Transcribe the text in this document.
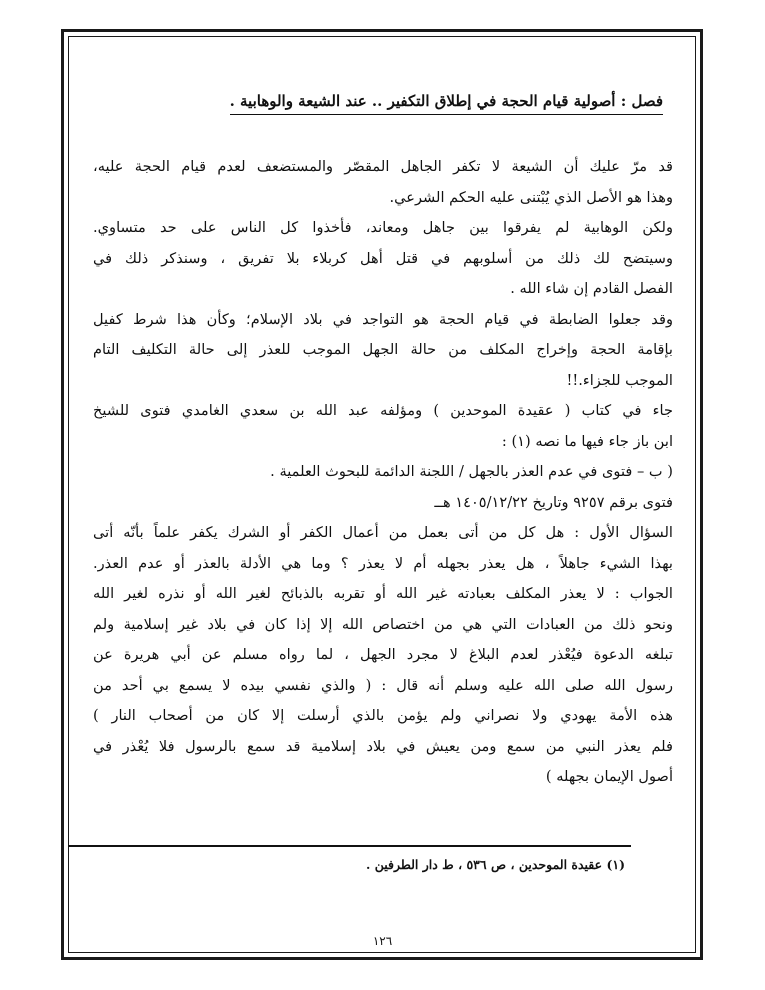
فصل : أصولية قيام الحجة في إطلاق التكفير .. عند الشيعة والوهابية .
قد مرّ عليك أن الشيعة لا تكفر الجاهل المقصّر والمستضعف لعدم قيام الحجة عليه،
وهذا هو الأصل الذي يُبْتنى عليه الحكم الشرعي.
ولكن الوهابية لم يفرقوا بين جاهل ومعاند، فأخذوا كل الناس على حد متساوي.
وسيتضح لك ذلك من أسلوبهم في قتل أهل كربلاء بلا تفريق ، وسنذكر ذلك في
الفصل القادم إن شاء الله .
وقد جعلوا الضابطة في قيام الحجة هو التواجد في بلاد الإسلام؛ وكأن هذا شرط كفيل
بإقامة الحجة وإخراج المكلف من حالة الجهل الموجب للعذر إلى حالة التكليف التام
الموجب للجزاء.!!
جاء في كتاب ( عقيدة الموحدين ) ومؤلفه عبد الله بن سعدي الغامدي فتوى للشيخ
ابن باز جاء فيها ما نصه (١) :
( ب – فتوى في عدم العذر بالجهل / اللجنة الدائمة للبحوث العلمية .
فتوى برقم ٩٢٥٧ وتاريخ ١٤٠٥/١٢/٢٢ هــ
السؤال الأول : هل كل من أتى بعمل من أعمال الكفر أو الشرك يكفر علماً بأنّه أتى
بهذا الشيء جاهلاً ، هل يعذر بجهله أم لا يعذر ؟ وما هي الأدلة بالعذر أو عدم العذر.
الجواب : لا يعذر المكلف بعبادته غير الله أو تقربه بالذبائح لغير الله أو نذره لغير الله
ونحو ذلك من العبادات التي هي من اختصاص الله إلا إذا كان في بلاد غير إسلامية ولم
تبلغه الدعوة فيُعْذر لعدم البلاغ لا مجرد الجهل ، لما رواه مسلم عن أبي هريرة عن
رسول الله صلى الله عليه وسلم أنه قال : ( والذي نفسي بيده لا يسمع بي أحد من
هذه الأمة يهودي ولا نصراني ولم يؤمن بالذي أرسلت إلا كان من أصحاب النار )
فلم يعذر النبي من سمع ومن يعيش في بلاد إسلامية قد سمع بالرسول فلا يُعْذر في
أصول الإيمان بجهله )
(١) عقيدة الموحدين ، ص ٥٣٦ ، ط دار الطرفين .
١٢٦
